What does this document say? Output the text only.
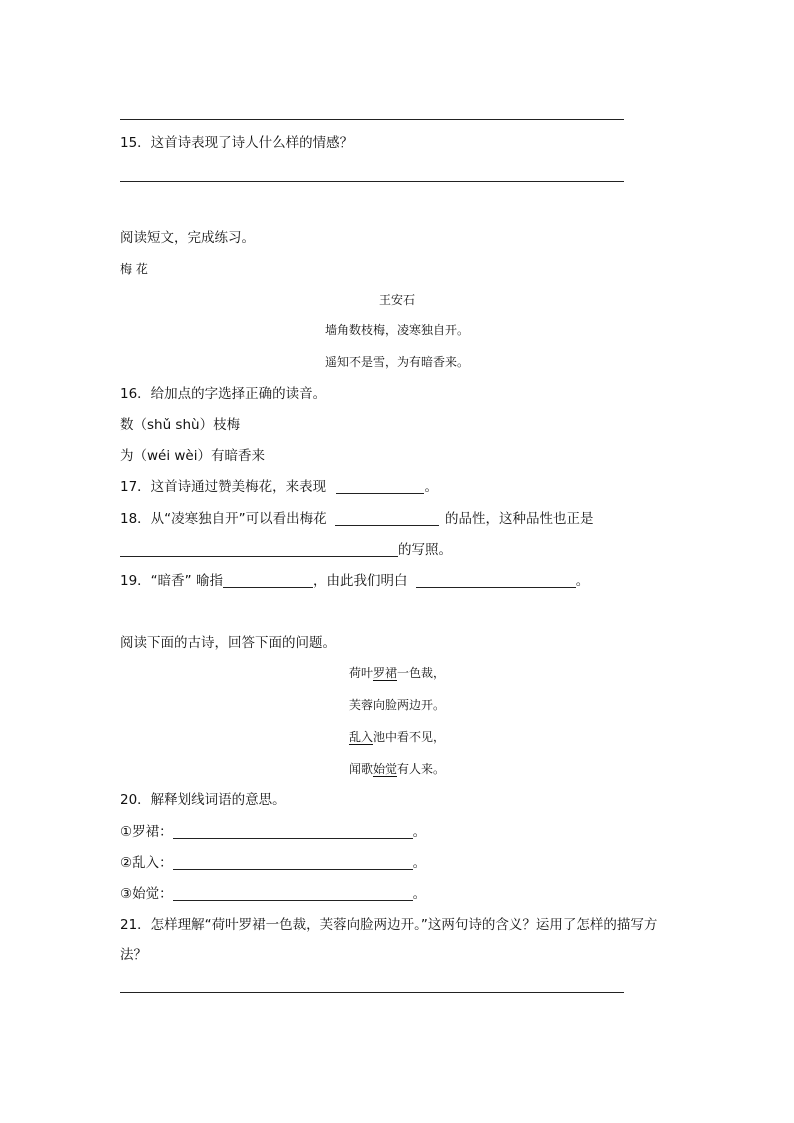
15．这首诗表现了诗人什么样的情感？
阅读短文，完成练习。
梅 花
王安石
墙角数枝梅，凌寒独自开。
遥知不是雪，为有暗香来。
16．给加点的字选择正确的读音。
数（shǔ shù）枝梅
为（wéi wèi）有暗香来
17．这首诗通过赞美梅花，来表现	。
18．从“凌寒独自开”可以看出梅花	的品性，这种品性也正是
的写照。
19．“暗香” 喻指	，由此我们明白	。
阅读下面的古诗，回答下面的问题。
荷叶罗裙一色裁，
芙蓉向脸两边开。
乱入池中看不见，
闻歌始觉有人来。
20．解释划线词语的意思。
①罗裙：	。
②乱入：	。
③始觉：	。
21．怎样理解“荷叶罗裙一色裁，芙蓉向脸两边开。”这两句诗的含义？运用了怎样的描写方
法？
